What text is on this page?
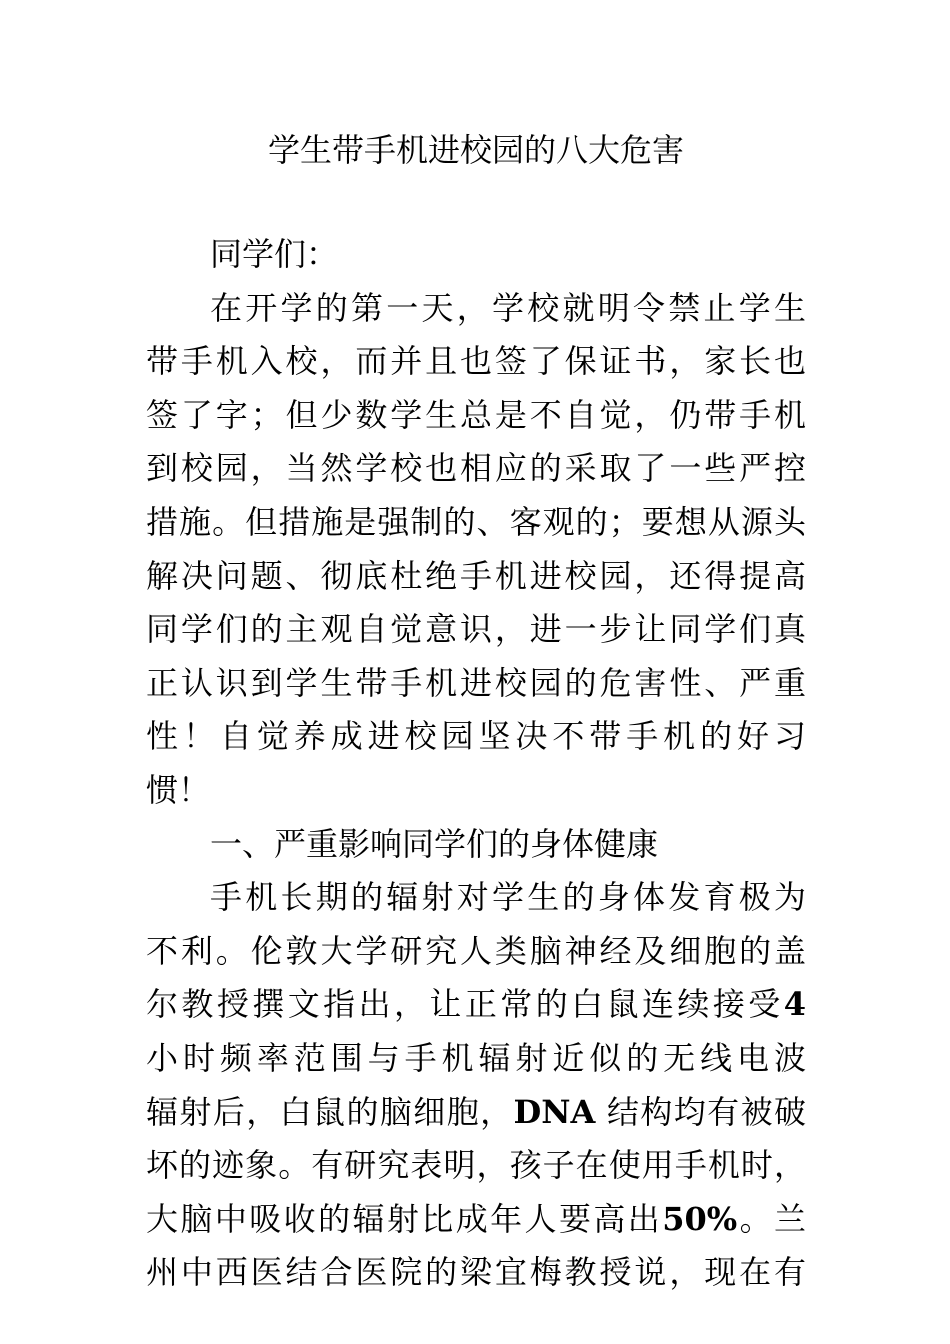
学生带手机进校园的八大危害
同学们：
在开学的第一天，学校就明令禁止学生
带手机入校，而并且也签了保证书，家长也
签了字；但少数学生总是不自觉，仍带手机
到校园，当然学校也相应的采取了一些严控
措施。但措施是强制的、客观的；要想从源头
解决问题、彻底杜绝手机进校园，还得提高
同学们的主观自觉意识，进一步让同学们真
正认识到学生带手机进校园的危害性、严重
性！自觉养成进校园坚决不带手机的好习
惯！
一、严重影响同学们的身体健康
手机长期的辐射对学生的身体发育极为
不利。伦敦大学研究人类脑神经及细胞的盖
尔教授撰文指出，让正常的白鼠连续接受4
小时频率范围与手机辐射近似的无线电波
辐射后，白鼠的脑细胞，DNA 结构均有被破
坏的迹象。有研究表明，孩子在使用手机时，
大脑中吸收的辐射比成年人要高出50%。兰
州中西医结合医院的梁宜梅教授说，现在有
